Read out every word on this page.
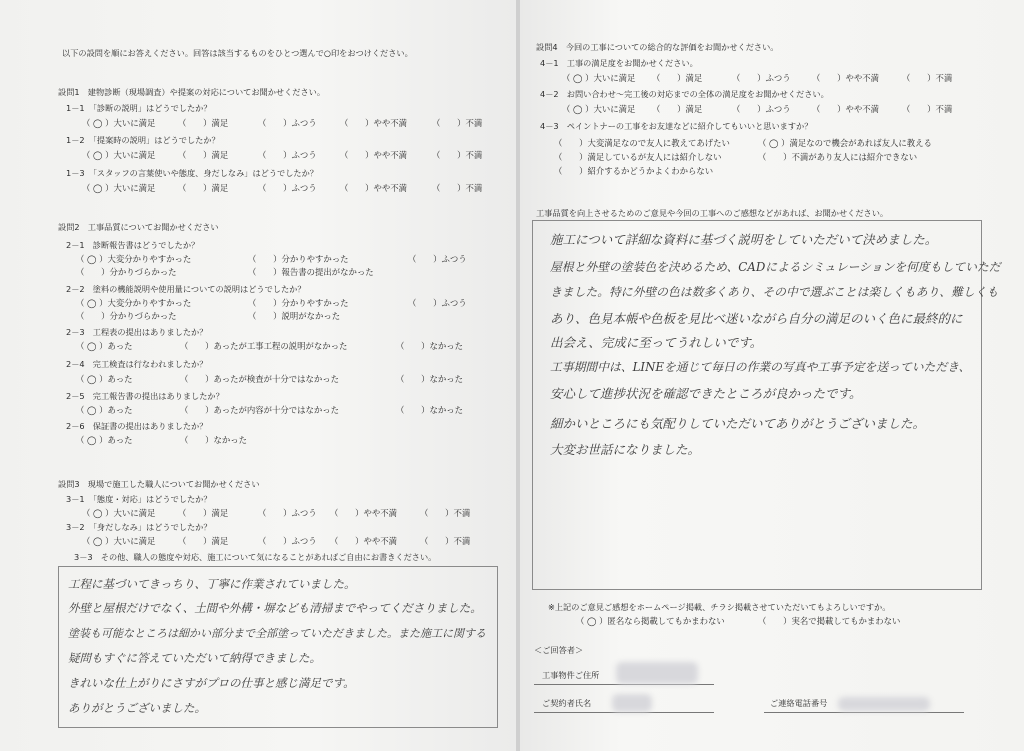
以下の設問を順にお答えください。回答は該当するものをひとつ選んで○印をおつけください。
設問1　建物診断（現場調査）や提案の対応についてお聞かせください。
1－1　「診断の説明」はどうでしたか？
（ ◯ ）大いに満足	（　　）満足	（　　）ふつう	（　　）やや不満	（　　）不満
1－2　「提案時の説明」はどうでしたか？
（ ◯ ）大いに満足	（　　）満足	（　　）ふつう	（　　）やや不満	（　　）不満
1－3　「スタッフの言葉使いや態度、身だしなみ」はどうでしたか？
（ ◯ ）大いに満足	（　　）満足	（　　）ふつう	（　　）やや不満	（　　）不満
設問2　工事品質についてお聞かせください
2－1　診断報告書はどうでしたか？
（ ◯ ）大変分かりやすかった	（　　）分かりやすかった	（　　）ふつう
（　　）分かりづらかった	（　　）報告書の提出がなかった
2－2　塗料の機能説明や使用量についての説明はどうでしたか？
（ ◯ ）大変分かりやすかった	（　　）分かりやすかった	（　　）ふつう
（　　）分かりづらかった	（　　）説明がなかった
2－3　工程表の提出はありましたか？
（ ◯ ）あった	（　　）あったが工事工程の説明がなかった	（　　）なかった
2－4　完工検査は行なわれましたか？
（ ◯ ）あった	（　　）あったが検査が十分ではなかった	（　　）なかった
2－5　完工報告書の提出はありましたか？
（ ◯ ）あった	（　　）あったが内容が十分ではなかった	（　　）なかった
2－6　保証書の提出はありましたか？
（ ◯ ）あった	（　　）なかった
設問3　現場で施工した職人についてお聞かせください
3－1　「態度・対応」はどうでしたか？
（ ◯ ）大いに満足	（　　）満足	（　　）ふつう （　　）やや不満	（　　）不満
3－2　「身だしなみ」はどうでしたか？
（ ◯ ）大いに満足	（　　）満足	（　　）ふつう （　　）やや不満	（　　）不満
3－3　その他、職人の態度や対応、施工について気になることがあればご自由にお書きください。
工程に基づいてきっちり、丁寧に作業されていました。
外壁と屋根だけでなく、土間や外構・塀なども清掃までやってくださりました。
塗装も可能なところは細かい部分まで全部塗っていただきました。また施工に関する
疑問もすぐに答えていただいて納得できました。
きれいな仕上がりにさすがプロの仕事と感じ満足です。
ありがとうございました。
設問4　今回の工事についての総合的な評価をお聞かせください。
4－1　工事の満足度をお聞かせください。
（ ◯ ）大いに満足 （　　）満足	（　　）ふつう	（　　）やや不満	（　　）不満
4－2　お問い合わせ～完工後の対応までの全体の満足度をお聞かせください。
（ ◯ ）大いに満足 （　　）満足	（　　）ふつう	（　　）やや不満	（　　）不満
4－3　ペイントナーの工事をお友達などに紹介してもいいと思いますか？
（　　）大変満足なので友人に教えてあげたい	（ ◯ ）満足なので機会があれば友人に教える
（　　）満足しているが友人には紹介しない	（　　）不満があり友人には紹介できない
（　　）紹介するかどうかよくわからない
工事品質を向上させるためのご意見や今回の工事へのご感想などがあれば、お聞かせください。
施工について詳細な資料に基づく説明をしていただいて決めました。
屋根と外壁の塗装色を決めるため、CADによるシミュレーションを何度もしていただ
きました。特に外壁の色は数多くあり、その中で選ぶことは楽しくもあり、難しくも
あり、色見本帳や色板を見比べ迷いながら自分の満足のいく色に最終的に
出会え、完成に至ってうれしいです。
工事期間中は、LINEを通じて毎日の作業の写真や工事予定を送っていただき、
安心して進捗状況を確認できたところが良かったです。
細かいところにも気配りしていただいてありがとうございました。
大変お世話になりました。
※上記のご意見ご感想をホームページ掲載、チラシ掲載させていただいてもよろしいですか。
（ ◯ ）匿名なら掲載してもかまわない	（　　）実名で掲載してもかまわない
＜ご回答者＞
工事物件ご住所
ご契約者氏名	ご連絡電話番号
